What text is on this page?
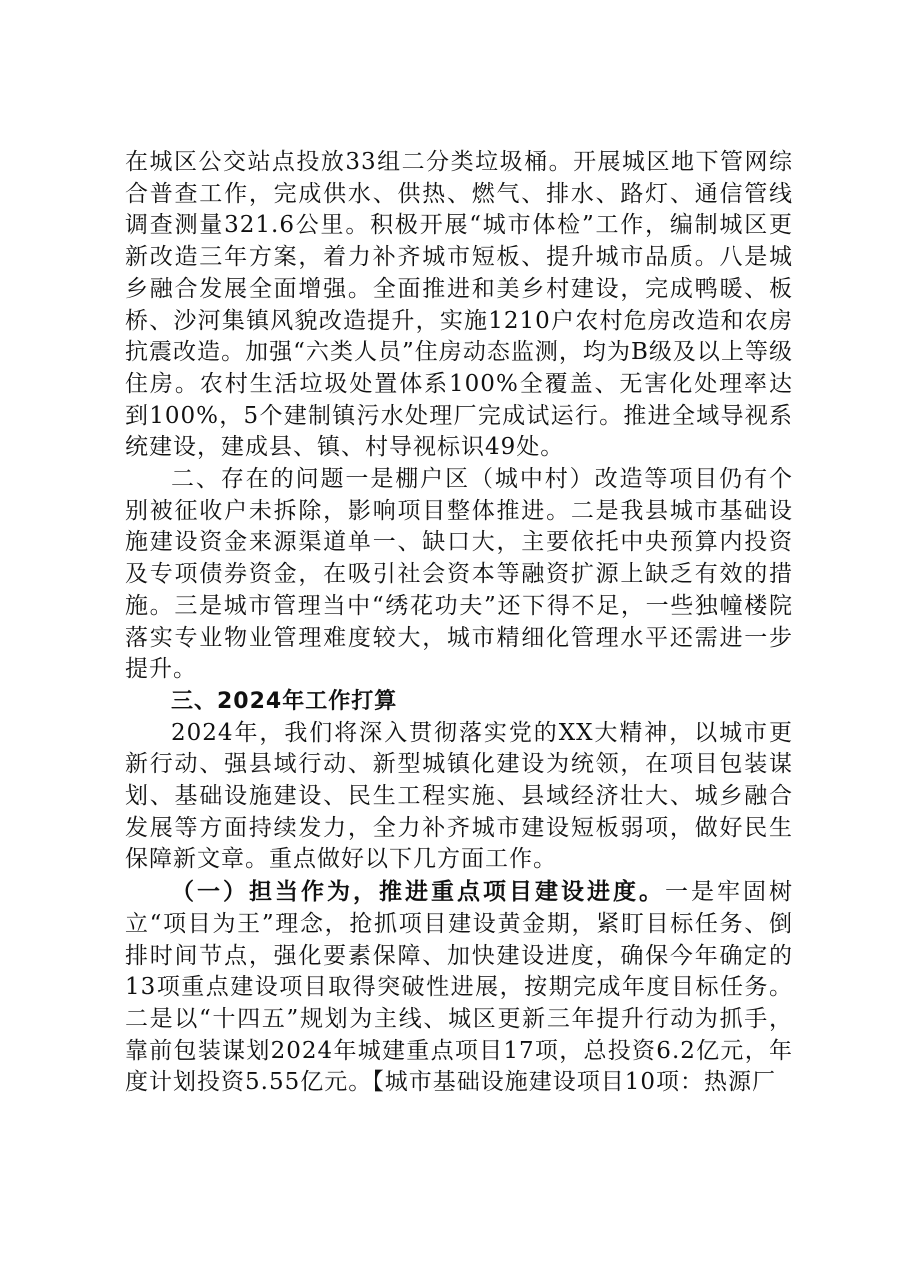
在城区公交站点投放33组二分类垃圾桶。开展城区地下管网综合普查工作，完成供水、供热、燃气、排水、路灯、通信管线调查测量321.6公里。积极开展“城市体检”工作，编制城区更新改造三年方案，着力补齐城市短板、提升城市品质。八是城乡融合发展全面增强。全面推进和美乡村建设，完成鸭暖、板桥、沙河集镇风貌改造提升，实施1210户农村危房改造和农房抗震改造。加强“六类人员”住房动态监测，均为B级及以上等级住房。农村生活垃圾处置体系100%全覆盖、无害化处理率达到100%，5个建制镇污水处理厂完成试运行。推进全域导视系统建设，建成县、镇、村导视标识49处。

二、存在的问题一是棚户区（城中村）改造等项目仍有个别被征收户未拆除，影响项目整体推进。二是我县城市基础设施建设资金来源渠道单一、缺口大，主要依托中央预算内投资及专项债券资金，在吸引社会资本等融资扩源上缺乏有效的措施。三是城市管理当中“绣花功夫”还下得不足，一些独幢楼院落实专业物业管理难度较大，城市精细化管理水平还需进一步提升。

三、2024年工作打算

2024年，我们将深入贯彻落实党的XX大精神，以城市更新行动、强县域行动、新型城镇化建设为统领，在项目包装谋划、基础设施建设、民生工程实施、县域经济壮大、城乡融合发展等方面持续发力，全力补齐城市建设短板弱项，做好民生保障新文章。重点做好以下几方面工作。

（一）担当作为，推进重点项目建设进度。一是牢固树立“项目为王”理念，抢抓项目建设黄金期，紧盯目标任务、倒排时间节点，强化要素保障、加快建设进度，确保今年确定的13项重点建设项目取得突破性进展，按期完成年度目标任务。二是以“十四五”规划为主线、城区更新三年提升行动为抓手，靠前包装谋划2024年城建重点项目17项，总投资6.2亿元，年度计划投资5.55亿元。【城市基础设施建设项目10项：热源厂
